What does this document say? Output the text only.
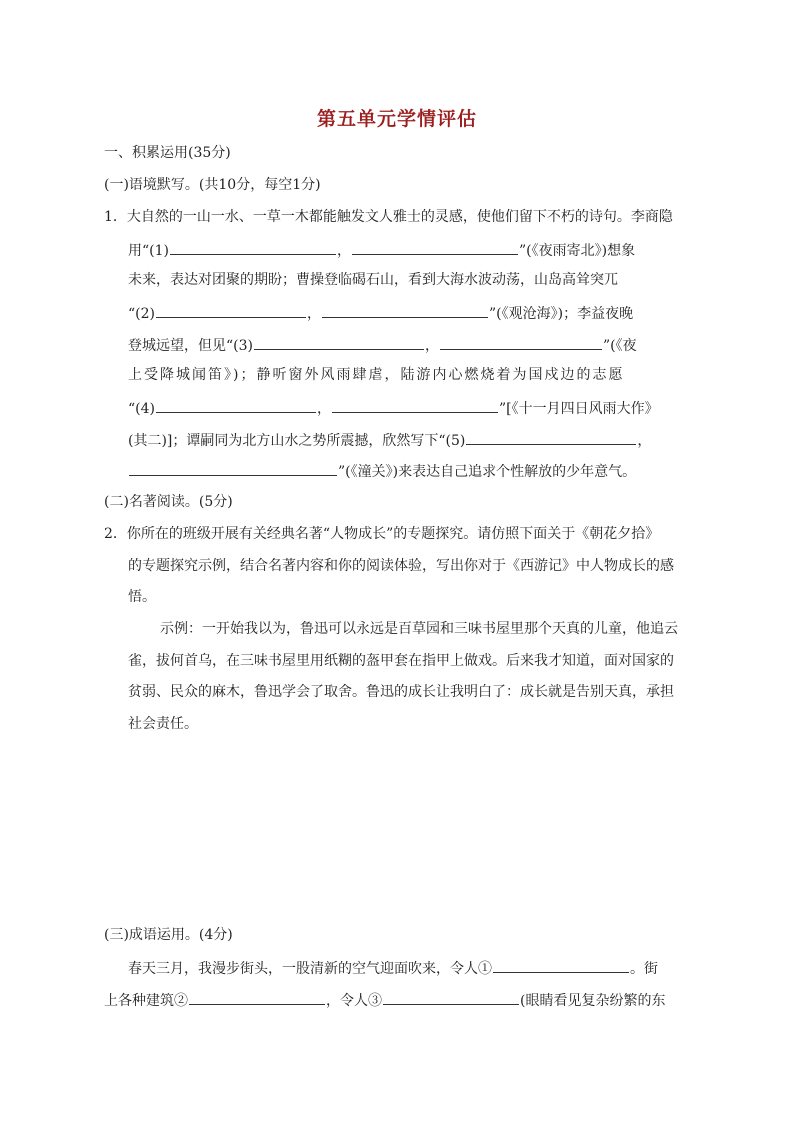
第五单元学情评估
一、积累运用(35分)
(一)语境默写。(共10分，每空1分)
1．大自然的一山一水、一草一木都能触发文人雅士的灵感，使他们留下不朽的诗句。李商隐
用“(1)	，	”(《夜雨寄北》)想象
未来，表达对团聚的期盼；曹操登临碣石山，看到大海水波动荡，山岛高耸突兀
“(2)	，	”(《观沧海》)；李益夜晚
登城远望，但见“(3)	，	”(《夜
上受降城闻笛》)；静听窗外风雨肆虐，陆游内心燃烧着为国戍边的志愿
“(4)	，	”[《十一月四日风雨大作》
(其二)]；谭嗣同为北方山水之势所震撼，欣然写下“(5)	，
”(《潼关》)来表达自己追求个性解放的少年意气。
(二)名著阅读。(5分)
2．你所在的班级开展有关经典名著“人物成长”的专题探究。请仿照下面关于《朝花夕拾》
的专题探究示例，结合名著内容和你的阅读体验，写出你对于《西游记》中人物成长的感
悟。
示例：一开始我以为，鲁迅可以永远是百草园和三味书屋里那个天真的儿童，他追云
雀，拔何首乌，在三味书屋里用纸糊的盔甲套在指甲上做戏。后来我才知道，面对国家的
贫弱、民众的麻木，鲁迅学会了取舍。鲁迅的成长让我明白了：成长就是告别天真，承担
社会责任。
(三)成语运用。(4分)
春天三月，我漫步街头，一股清新的空气迎面吹来，令人①	。街
上各种建筑②	，令人③	(眼睛看见复杂纷繁的东
